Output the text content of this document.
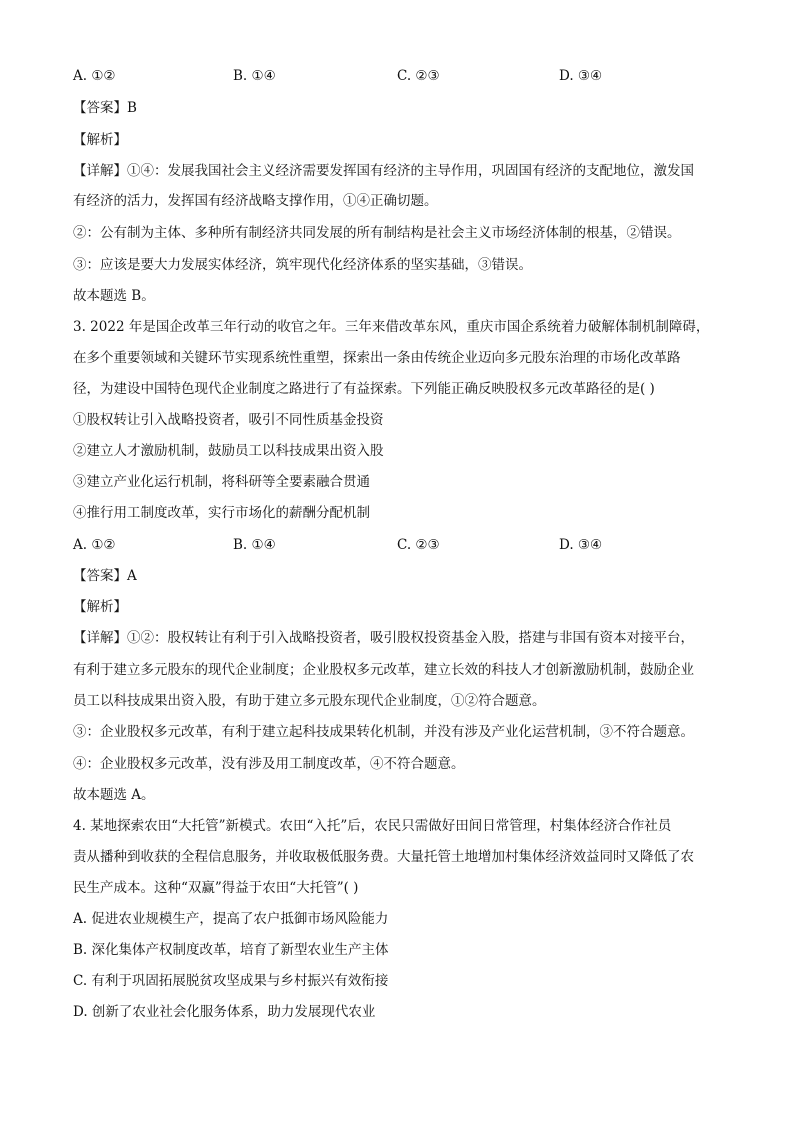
A. ①②	B. ①④	C. ②③	D. ③④
【答案】B
【解析】
【详解】①④：发展我国社会主义经济需要发挥国有经济的主导作用，巩固国有经济的支配地位，激发国
有经济的活力，发挥国有经济战略支撑作用，①④正确切题。
②：公有制为主体、多种所有制经济共同发展的所有制结构是社会主义市场经济体制的根基，②错误。
③：应该是要大力发展实体经济，筑牢现代化经济体系的坚实基础，③错误。
故本题选 B。
3. 2022 年是国企改革三年行动的收官之年。三年来借改革东风，重庆市国企系统着力破解体制机制障碍，
在多个重要领域和关键环节实现系统性重塑，探索出一条由传统企业迈向多元股东治理的市场化改革路
径，为建设中国特色现代企业制度之路进行了有益探索。下列能正确反映股权多元改革路径的是( )
①股权转让引入战略投资者，吸引不同性质基金投资
②建立人才激励机制，鼓励员工以科技成果出资入股
③建立产业化运行机制，将科研等全要素融合贯通
④推行用工制度改革，实行市场化的薪酬分配机制
A. ①②	B. ①④	C. ②③	D. ③④
【答案】A
【解析】
【详解】①②：股权转让有利于引入战略投资者，吸引股权投资基金入股，搭建与非国有资本对接平台，
有利于建立多元股东的现代企业制度；企业股权多元改革，建立长效的科技人才创新激励机制，鼓励企业
员工以科技成果出资入股，有助于建立多元股东现代企业制度，①②符合题意。
③：企业股权多元改革，有利于建立起科技成果转化机制，并没有涉及产业化运营机制，③不符合题意。
④：企业股权多元改革，没有涉及用工制度改革，④不符合题意。
故本题选 A。
4. 某地探索农田“大托管”新模式。农田“入托”后，农民只需做好田间日常管理，村集体经济合作社员
责从播种到收获的全程信息服务，并收取极低服务费。大量托管土地增加村集体经济效益同时又降低了农
民生产成本。这种“双赢”得益于农田“大托管”( )
A. 促进农业规模生产，提高了农户抵御市场风险能力
B. 深化集体产权制度改革，培育了新型农业生产主体
C. 有利于巩固拓展脱贫攻坚成果与乡村振兴有效衔接
D. 创新了农业社会化服务体系，助力发展现代农业
